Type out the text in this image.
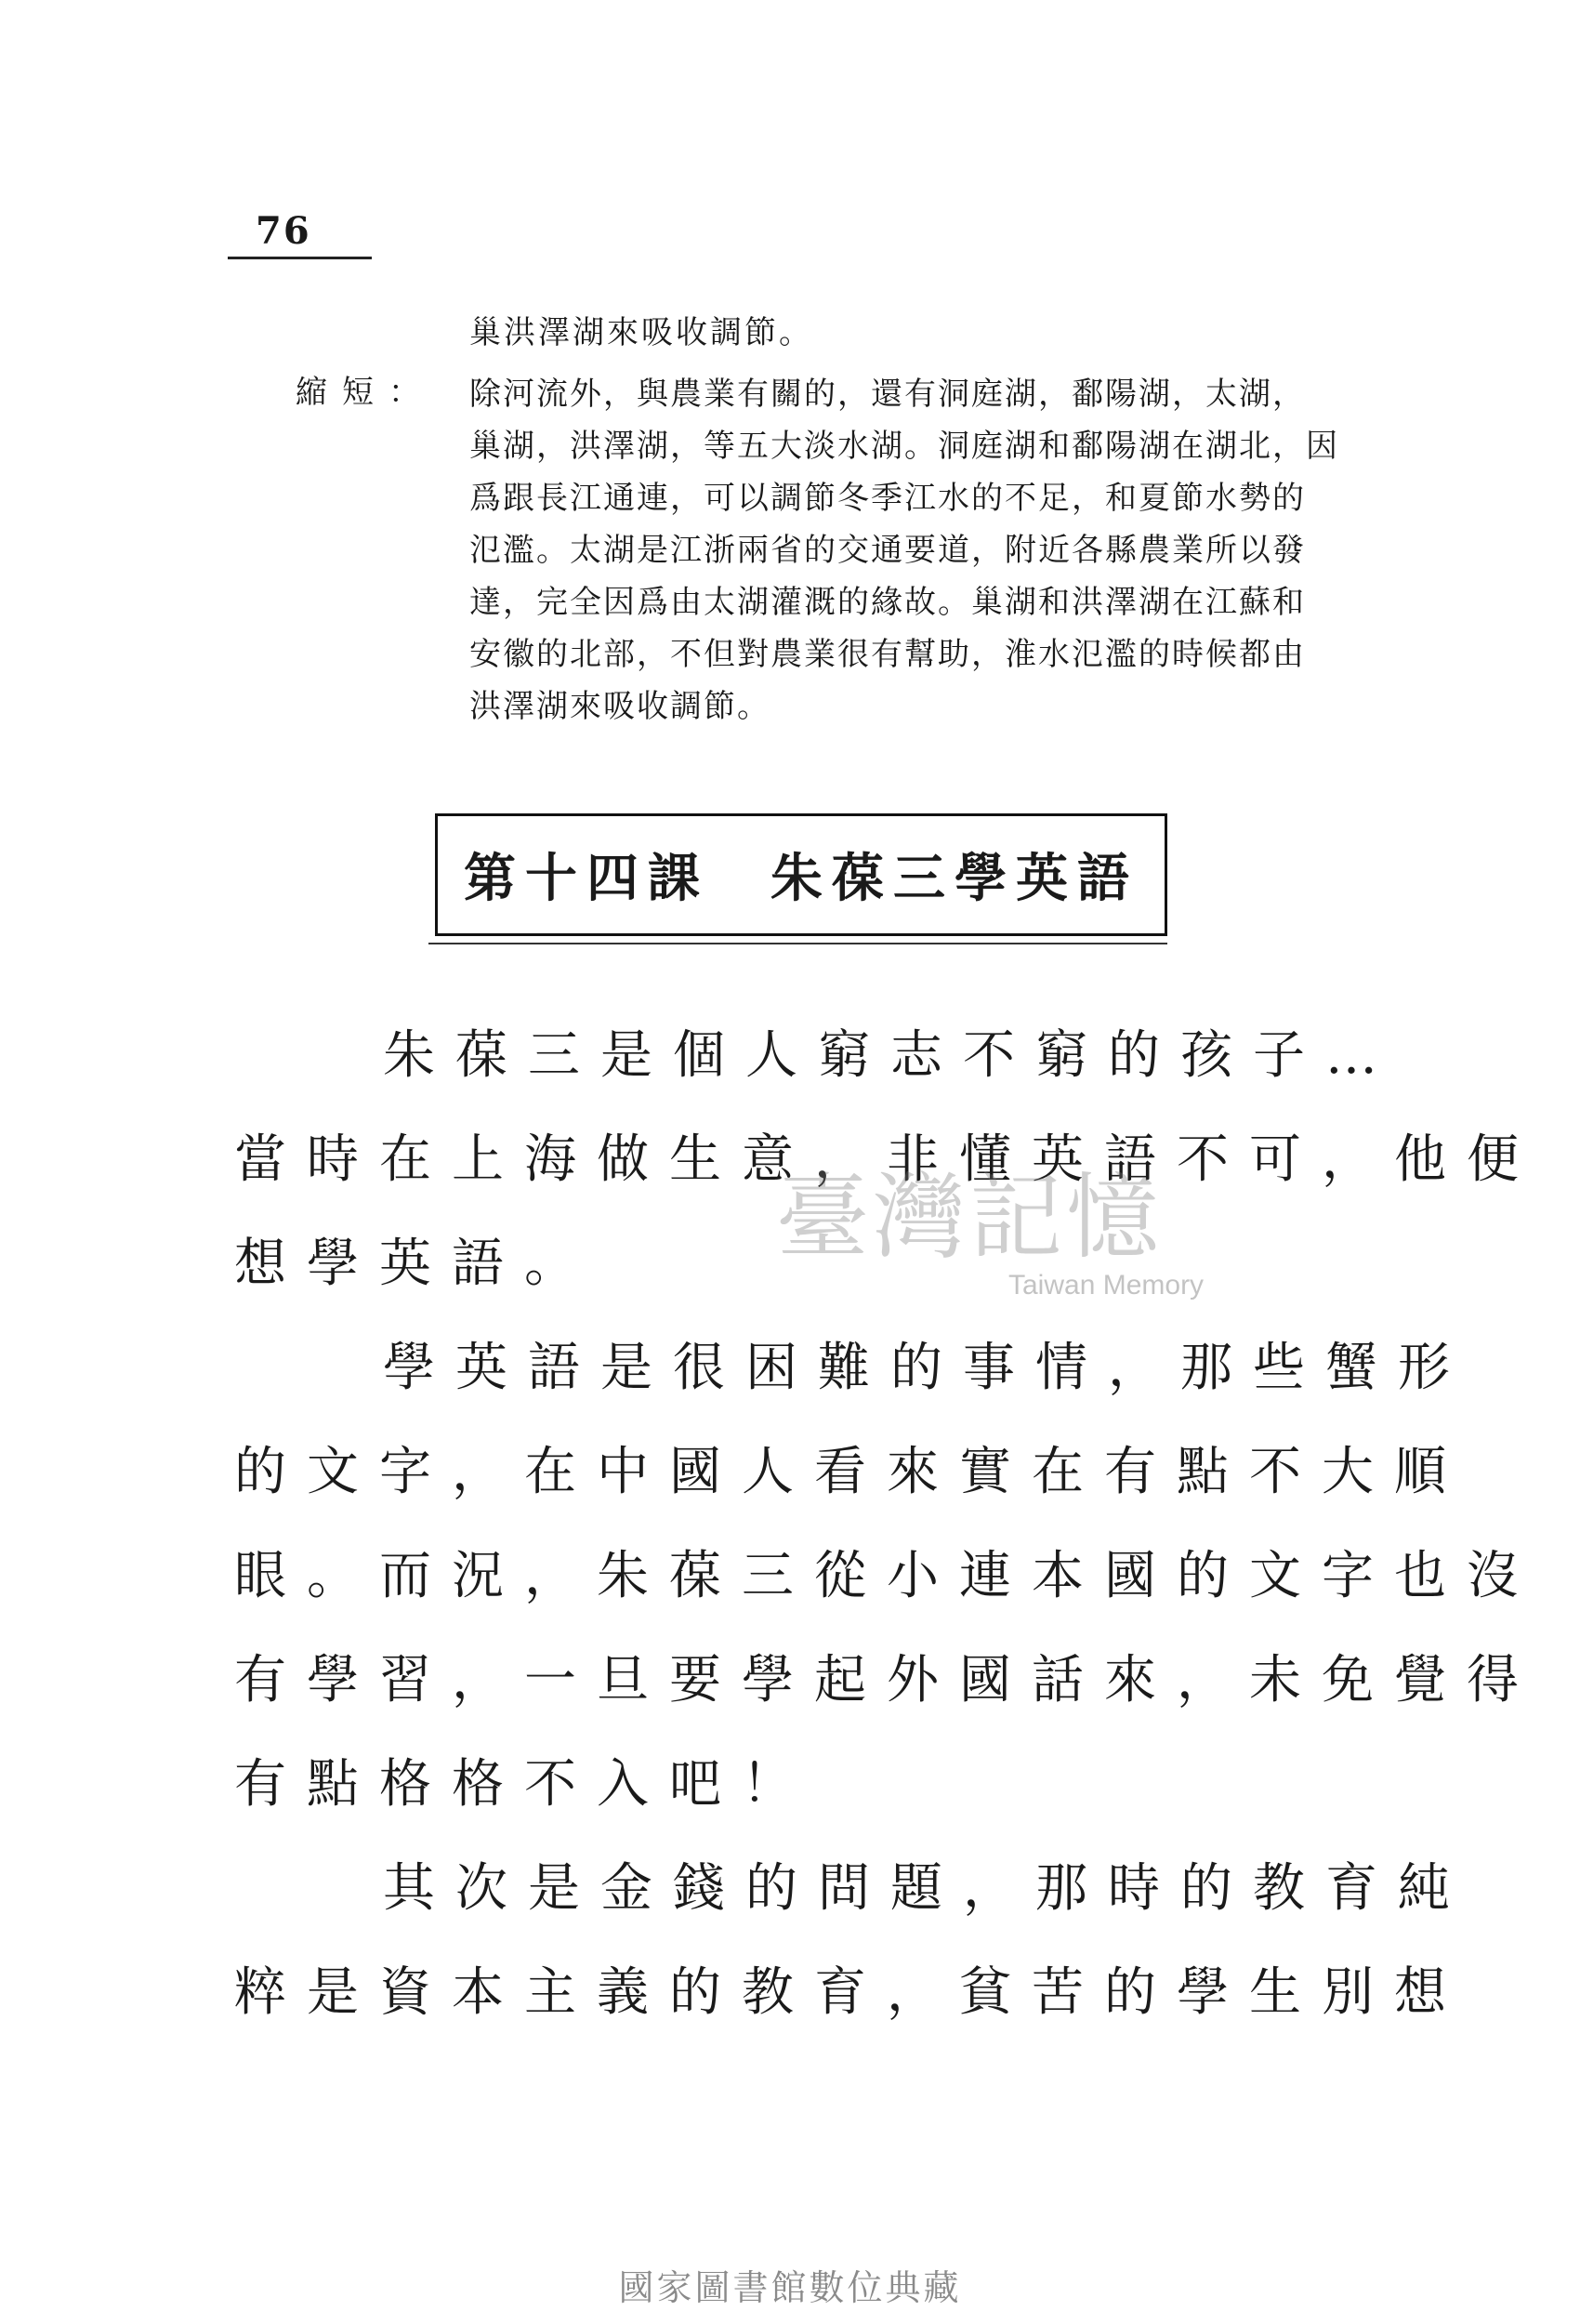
76
巢洪澤湖來吸收調節。
縮短： 除河流外，與農業有關的，還有洞庭湖，鄱陽湖，太湖，
巢湖，洪澤湖，等五大淡水湖。洞庭湖和鄱陽湖在湖北，因
爲跟長江通連，可以調節冬季江水的不足，和夏節水勢的
氾濫。太湖是江浙兩省的交通要道，附近各縣農業所以發
達，完全因爲由太湖灌溉的緣故。巢湖和洪澤湖在江蘇和
安徽的北部，不但對農業很有幫助，淮水氾濫的時候都由
洪澤湖來吸收調節。
第十四課　朱葆三學英語
朱葆三是個人窮志不窮的孩子…
當時在上海做生意，非懂英語不可，他便
想學英語。
學英語是很困難的事情，那些蟹形
的文字，在中國人看來實在有點不大順
眼。而況，朱葆三從小連本國的文字也沒
有學習，一旦要學起外國話來，未免覺得
有點格格不入吧！
其次是金錢的問題，那時的教育純
粹是資本主義的教育，貧苦的學生別想
臺灣記憶
Taiwan Memory
國家圖書館數位典藏
